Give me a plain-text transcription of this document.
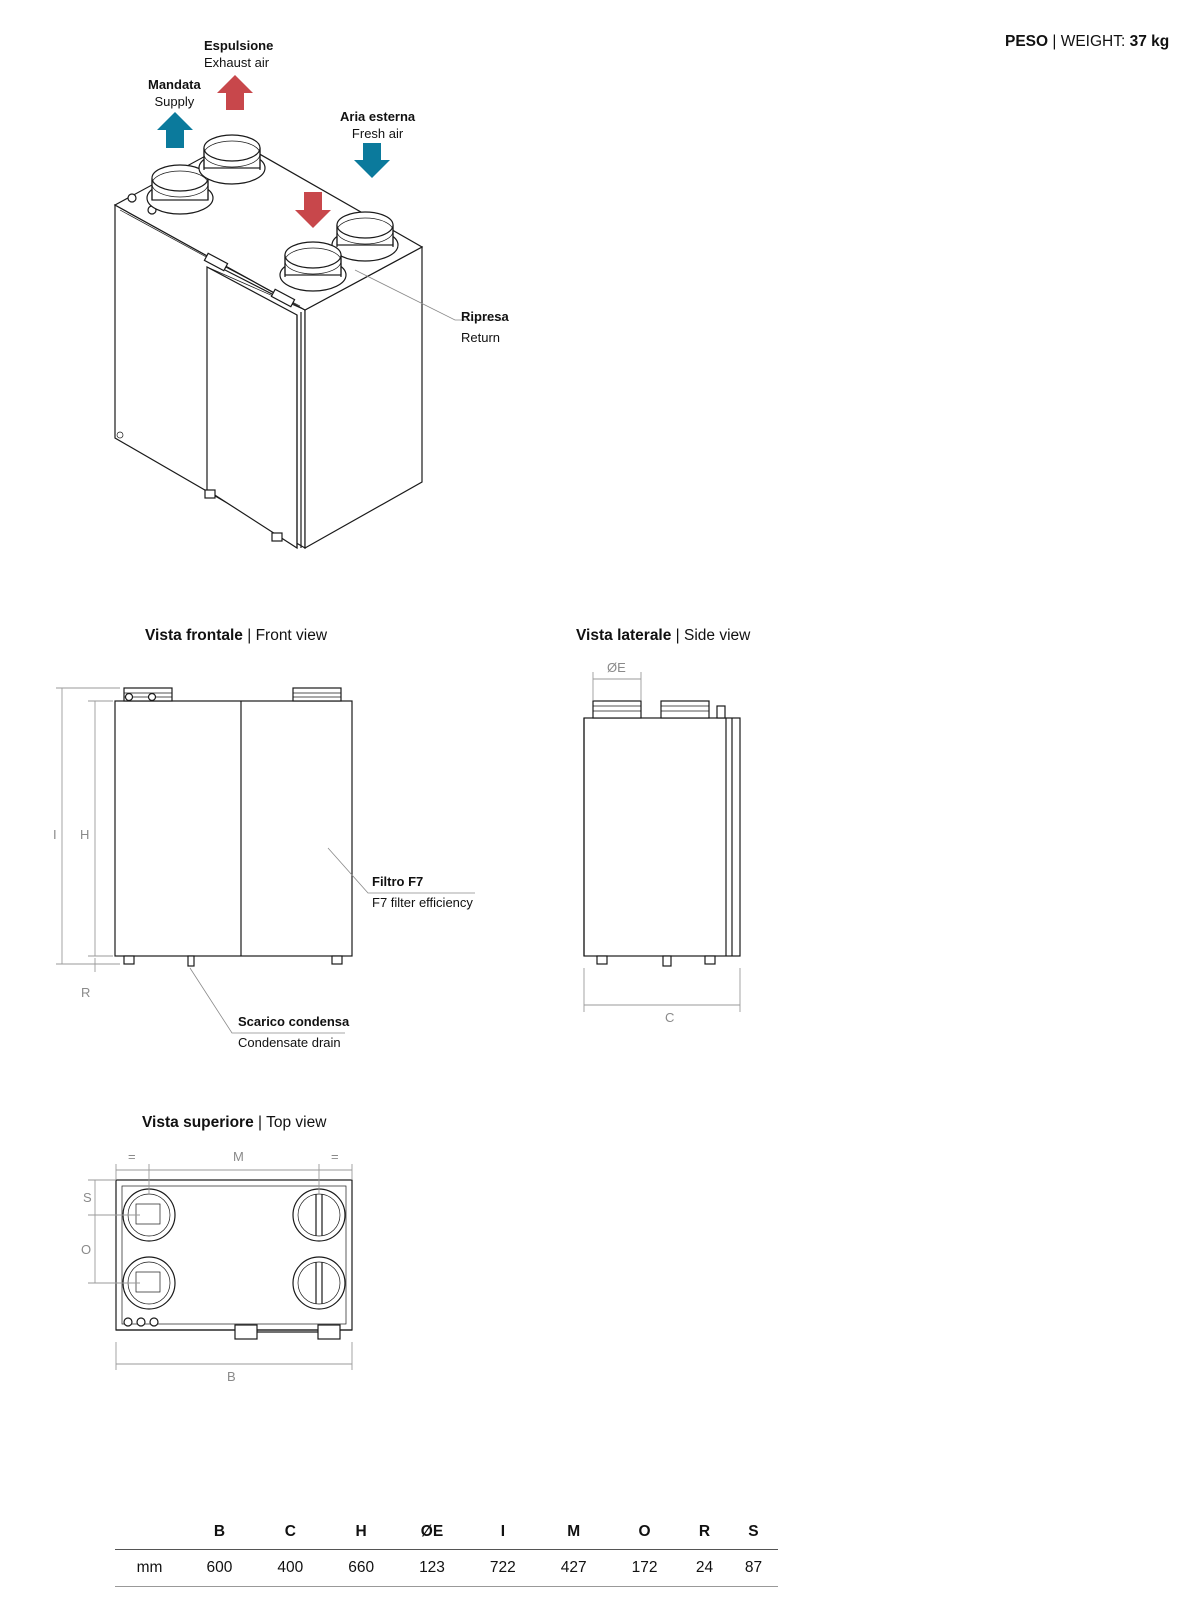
PESO | WEIGHT: 37 kg
Espulsione
Exhaust air
Mandata
Supply
Aria esterna
Fresh air
Ripresa
Return
Vista frontale | Front view
I H
R
Filtro F7
F7 filter efficiency
Scarico condensa
Condensate drain
Vista laterale | Side view
ØE
C
Vista superiore | Top view
=	M	=
S
O
B
	B	C	H	ØE	I	M	O	R	S
mm	600	400	660	123	722	427	172	24	87
